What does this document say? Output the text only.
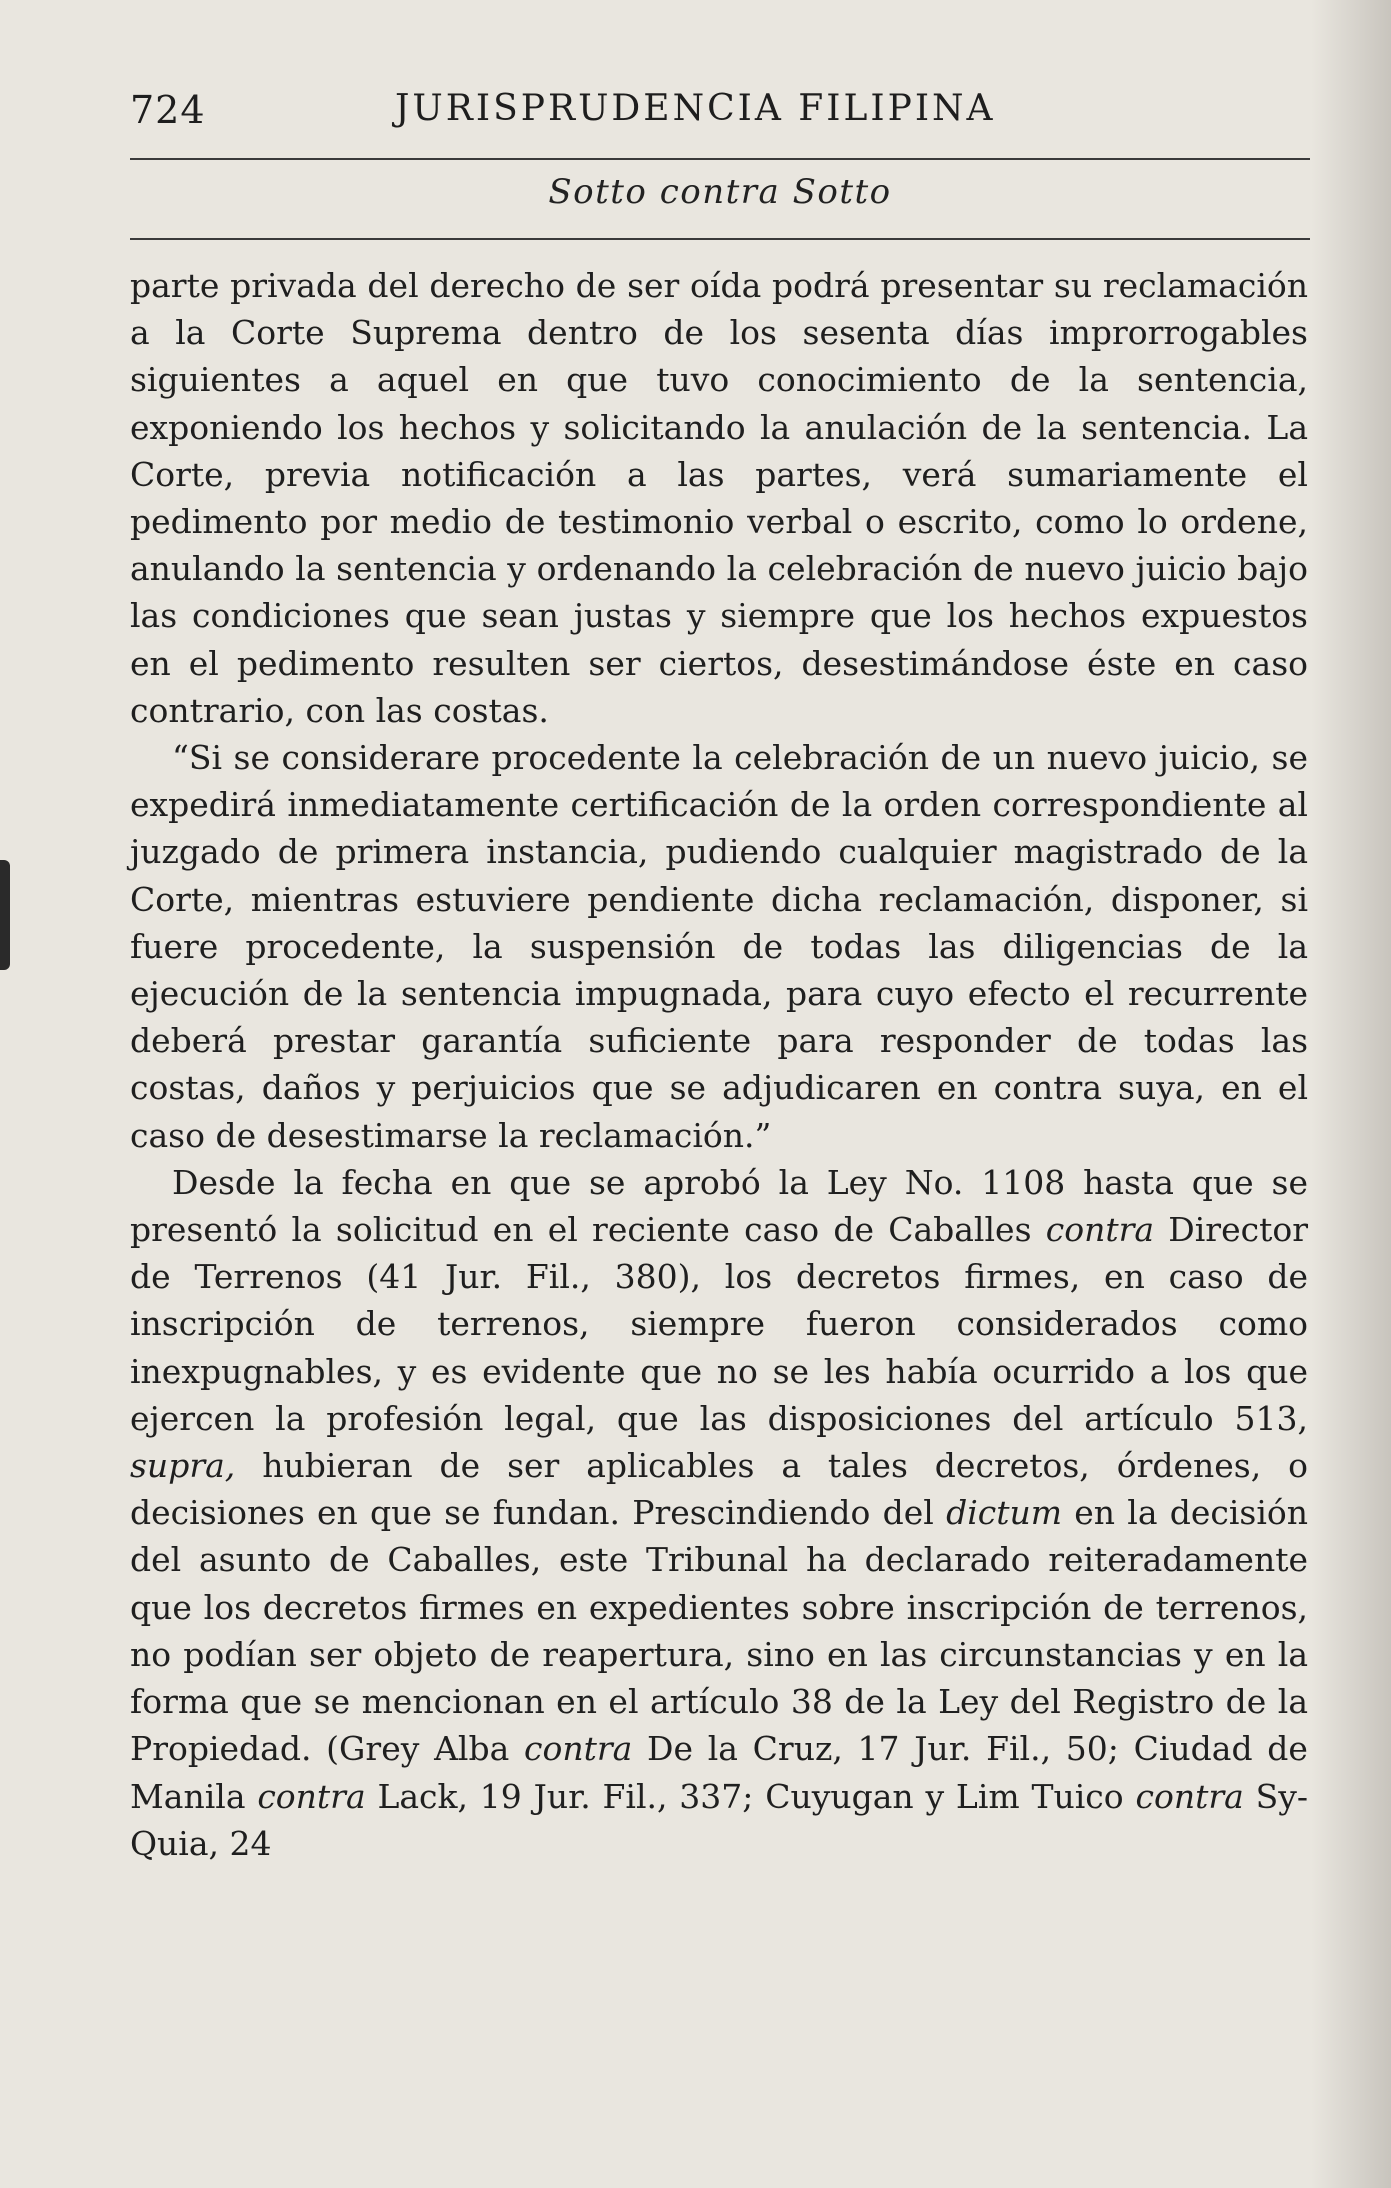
724	JURISPRUDENCIA FILIPINA
Sotto contra Sotto

parte privada del derecho de ser oída podrá presentar su reclamación a la Corte Suprema dentro de los sesenta días improrrogables siguientes a aquel en que tuvo conocimiento de la sentencia, exponiendo los hechos y solicitando la anulación de la sentencia. La Corte, previa notificación a las partes, verá sumariamente el pedimento por medio de testimonio verbal o escrito, como lo ordene, anulando la sentencia y ordenando la celebración de nuevo juicio bajo las condiciones que sean justas y siempre que los hechos expuestos en el pedimento resulten ser ciertos, desestimándose éste en caso contrario, con las costas.

“Si se considerare procedente la celebración de un nuevo juicio, se expedirá inmediatamente certificación de la orden correspondiente al juzgado de primera instancia, pudiendo cualquier magistrado de la Corte, mientras estuviere pendiente dicha reclamación, disponer, si fuere procedente, la suspensión de todas las diligencias de la ejecución de la sentencia impugnada, para cuyo efecto el recurrente deberá prestar garantía suficiente para responder de todas las costas, daños y perjuicios que se adjudicaren en contra suya, en el caso de desestimarse la reclamación.”

Desde la fecha en que se aprobó la Ley No. 1108 hasta que se presentó la solicitud en el reciente caso de Caballes contra Director de Terrenos (41 Jur. Fil., 380), los decretos firmes, en caso de inscripción de terrenos, siempre fueron considerados como inexpugnables, y es evidente que no se les había ocurrido a los que ejercen la profesión legal, que las disposiciones del artículo 513, supra, hubieran de ser aplicables a tales decretos, órdenes, o decisiones en que se fundan. Prescindiendo del dictum en la decisión del asunto de Caballes, este Tribunal ha declarado reiteradamente que los decretos firmes en expedientes sobre inscripción de terrenos, no podían ser objeto de reapertura, sino en las circunstancias y en la forma que se mencionan en el artículo 38 de la Ley del Registro de la Propiedad. (Grey Alba contra De la Cruz, 17 Jur. Fil., 50; Ciudad de Manila contra Lack, 19 Jur. Fil., 337; Cuyugan y Lim Tuico contra Sy-Quia, 24
